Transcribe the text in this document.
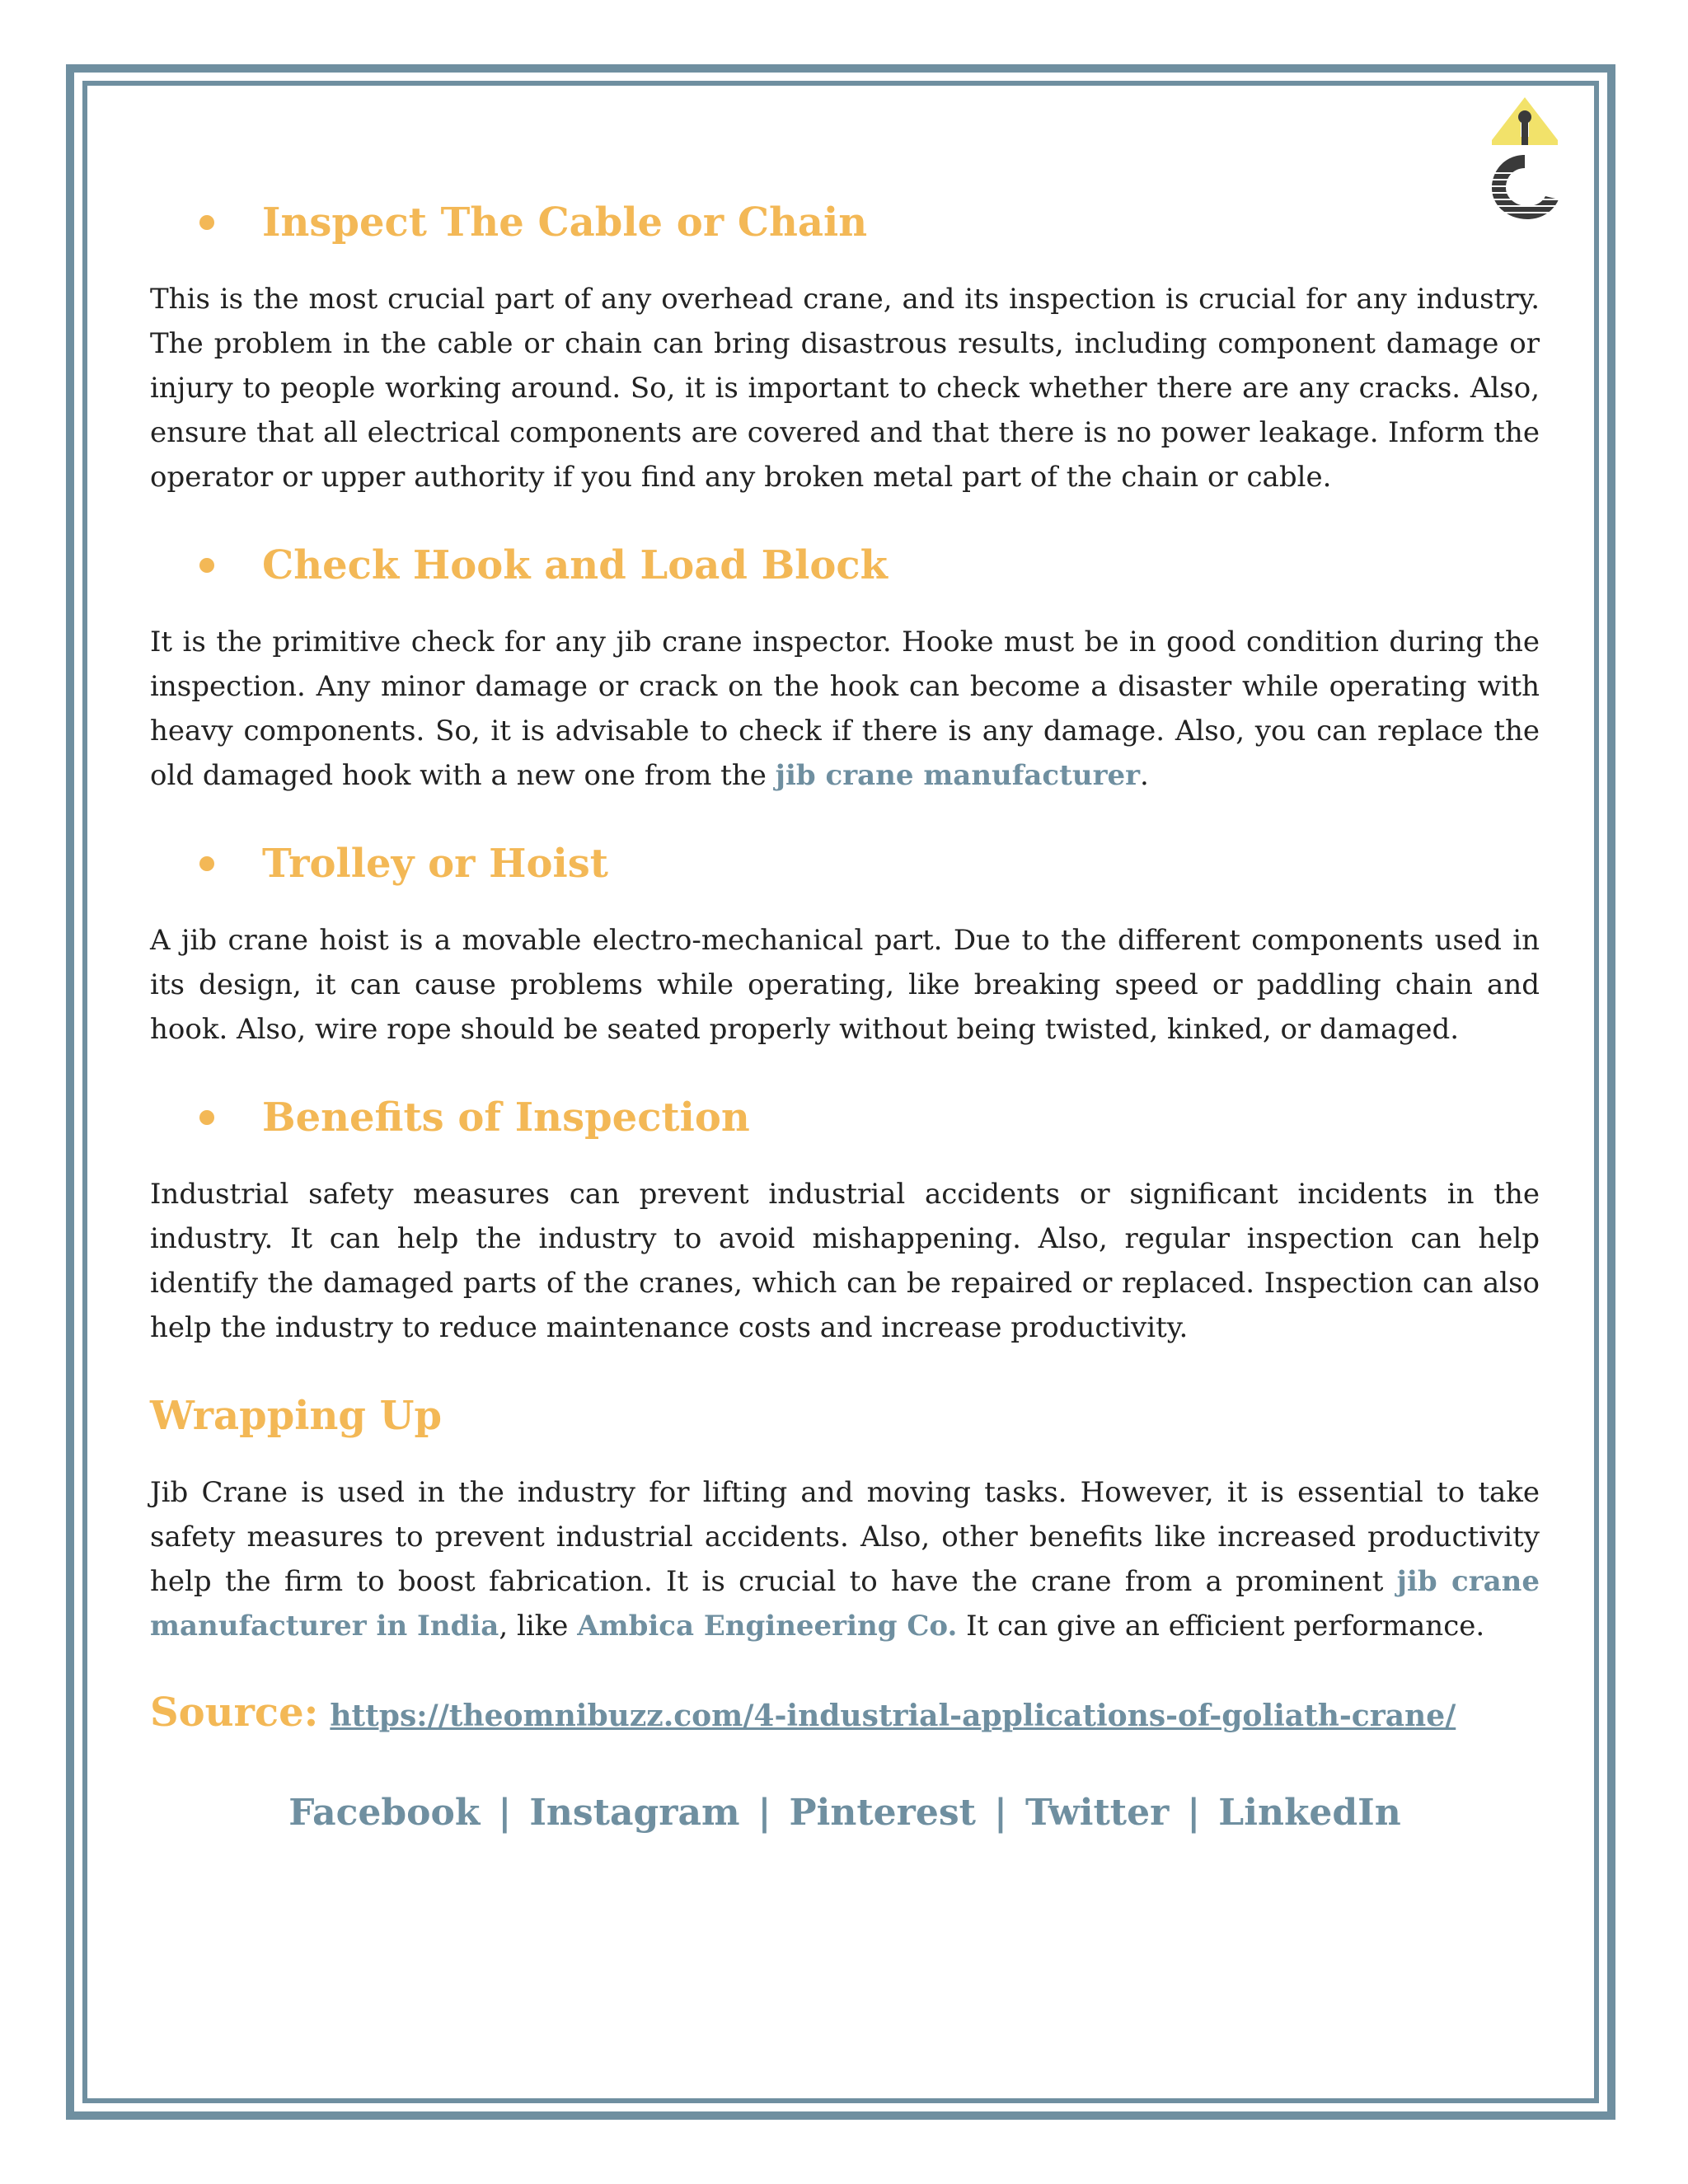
Inspect The Cable or Chain

This is the most crucial part of any overhead crane, and its inspection is crucial for any industry. The problem in the cable or chain can bring disastrous results, including component damage or injury to people working around. So, it is important to check whether there are any cracks. Also, ensure that all electrical components are covered and that there is no power leakage. Inform the operator or upper authority if you find any broken metal part of the chain or cable.

Check Hook and Load Block

It is the primitive check for any jib crane inspector. Hooke must be in good condition during the inspection. Any minor damage or crack on the hook can become a disaster while operating with heavy components. So, it is advisable to check if there is any damage. Also, you can replace the old damaged hook with a new one from the jib crane manufacturer.

Trolley or Hoist

A jib crane hoist is a movable electro-mechanical part. Due to the different components used in its design, it can cause problems while operating, like breaking speed or paddling chain and hook. Also, wire rope should be seated properly without being twisted, kinked, or damaged.

Benefits of Inspection

Industrial safety measures can prevent industrial accidents or significant incidents in the industry. It can help the industry to avoid mishappening. Also, regular inspection can help identify the damaged parts of the cranes, which can be repaired or replaced. Inspection can also help the industry to reduce maintenance costs and increase productivity.

Wrapping Up

Jib Crane is used in the industry for lifting and moving tasks. However, it is essential to take safety measures to prevent industrial accidents. Also, other benefits like increased productivity help the firm to boost fabrication. It is crucial to have the crane from a prominent jib crane manufacturer in India, like Ambica Engineering Co. It can give an efficient performance.

Source: https://theomnibuzz.com/4-industrial-applications-of-goliath-crane/
Facebook | Instagram | Pinterest | Twitter | LinkedIn
